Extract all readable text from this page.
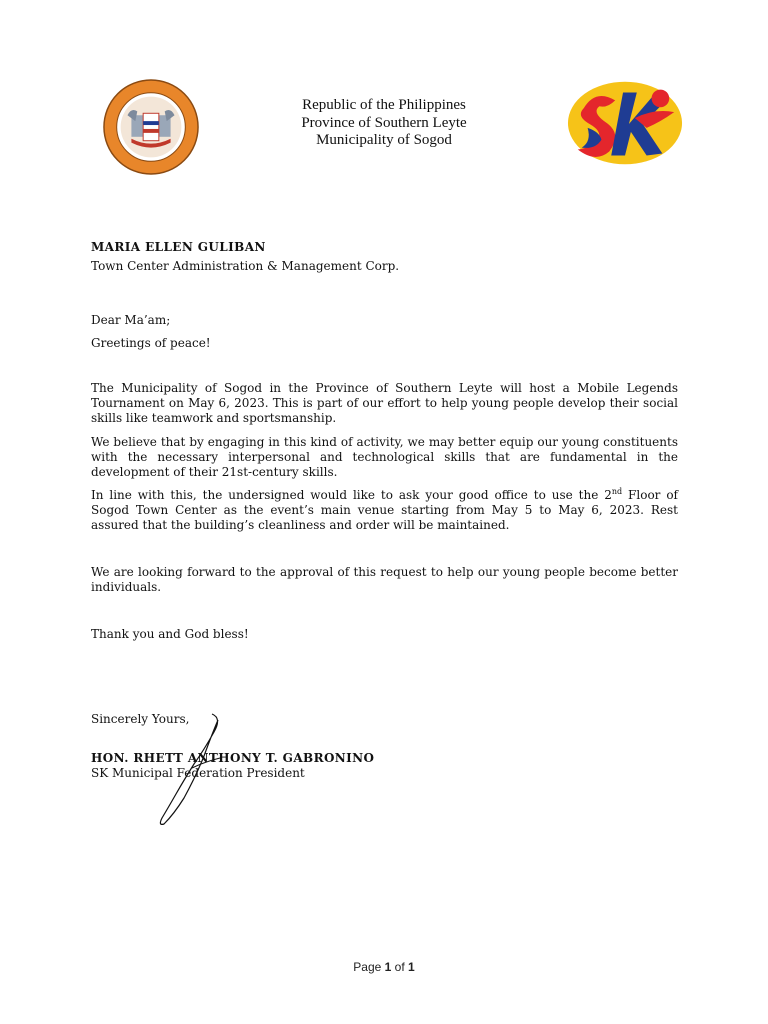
Republic of the Philippines
Province of Southern Leyte
Municipality of Sogod
MARIA ELLEN GULIBAN
Town Center Administration & Management Corp.
Dear Ma’am;
Greetings of peace!
The Municipality of Sogod in the Province of Southern Leyte will host a Mobile Legends Tournament on May 6, 2023. This is part of our effort to help young people develop their social skills like teamwork and sportsmanship.
We believe that by engaging in this kind of activity, we may better equip our young constituents with the necessary interpersonal and technological skills that are fundamental in the development of their 21st-century skills.
In line with this, the undersigned would like to ask your good office to use the 2nd Floor of Sogod Town Center as the event’s main venue starting from May 5 to May 6, 2023. Rest assured that the building’s cleanliness and order will be maintained.
We are looking forward to the approval of this request to help our young people become better individuals.
Thank you and God bless!
Sincerely Yours,
HON. RHETT ANTHONY T. GABRONINO
SK Municipal Federation President
Page 1 of 1
